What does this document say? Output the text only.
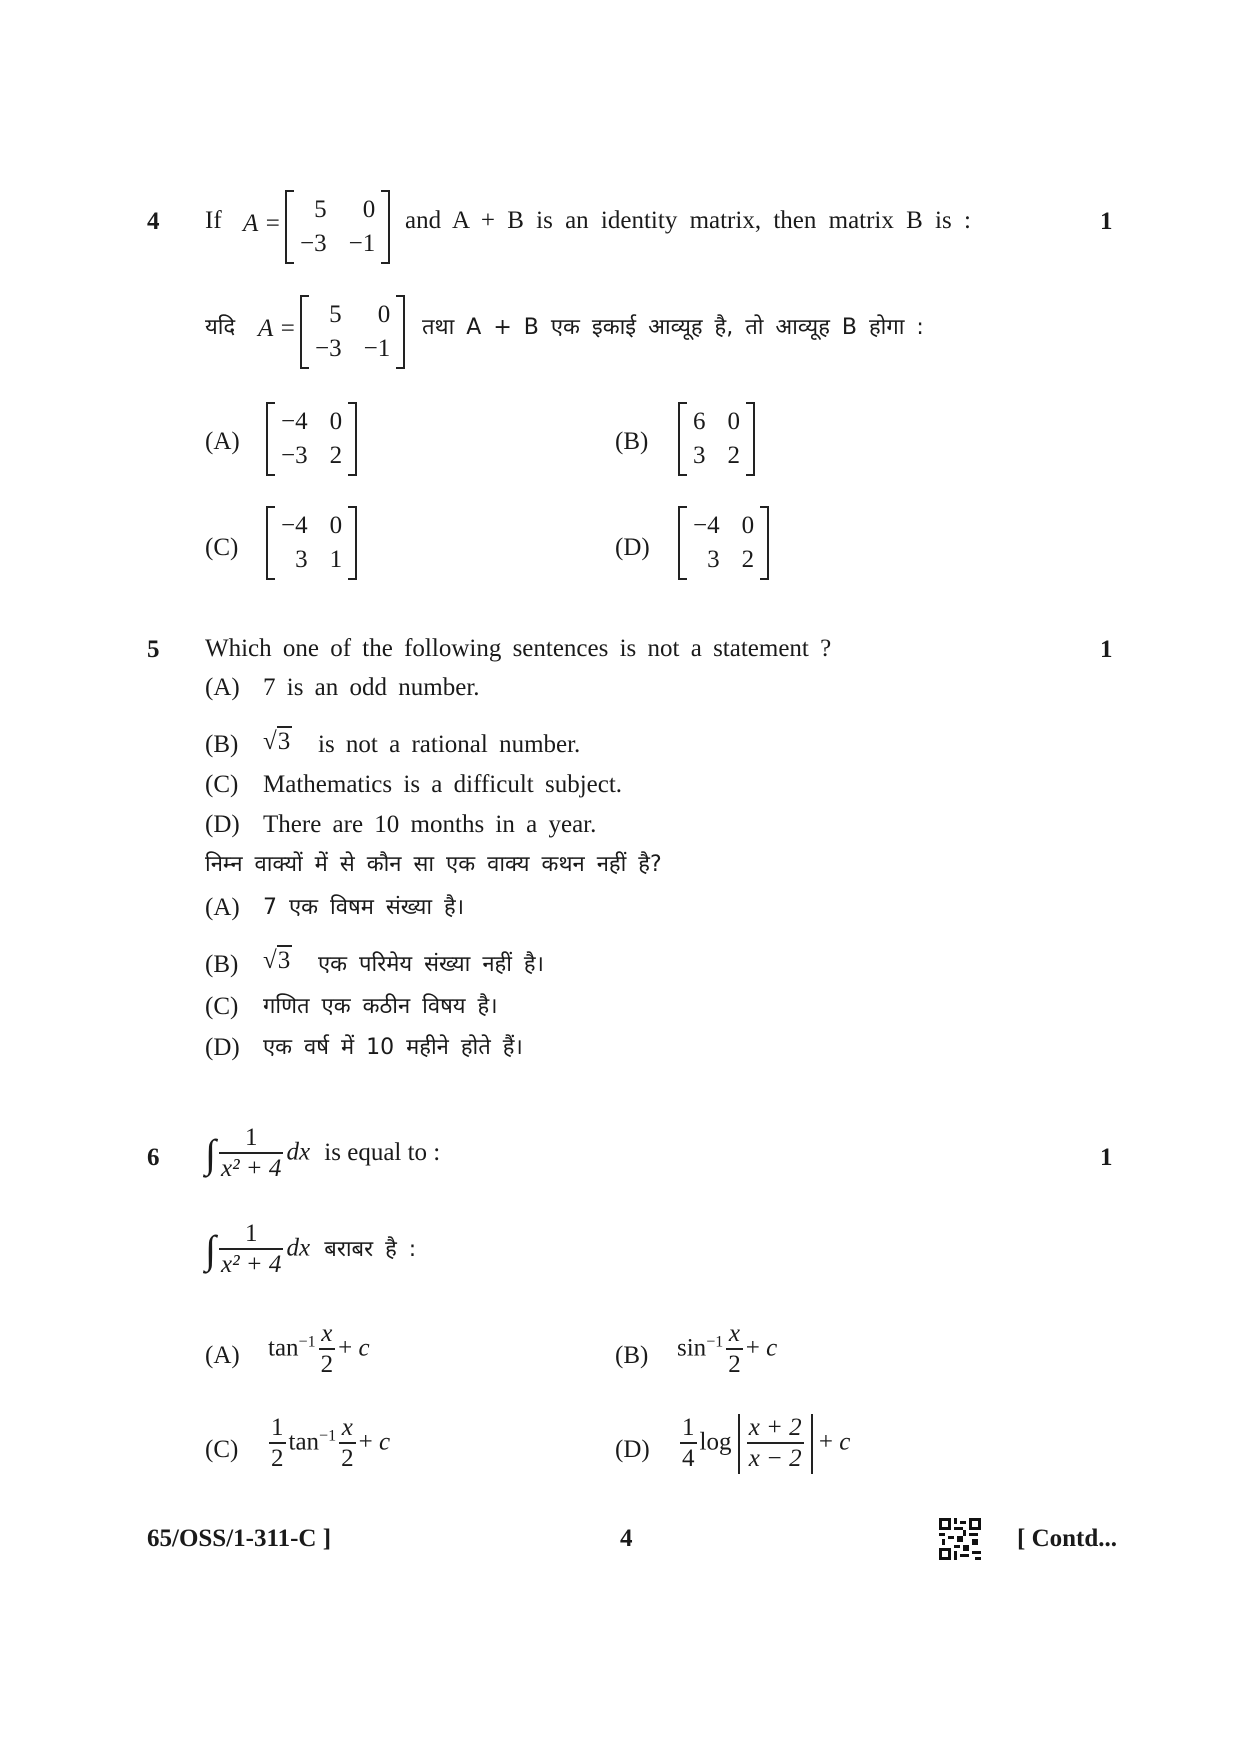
4	1
If A =
5	0
−3 −1
and A + B is an identity matrix, then matrix B is :
यदि A =
5	0
−3 −1
तथा A + B एक इकाई आव्यूह है, तो आव्यूह B होगा :
(A)
−4 0
−3 2
(B)
6 0
3 2
(C)
−4 0
3 1	(D)
−4 0
3 2
5	1
Which one of the following sentences is not a statement ?
(A) 7 is an odd number.
(B) √3 is not a rational number.
(C) Mathematics is a difficult subject.
(D) There are 10 months in a year.
निम्न वाक्यों में से कौन सा एक वाक्य कथन नहीं है?
(A) 7 एक विषम संख्या है।
(B) √3 एक परिमेय संख्या नहीं है।
(C) गणित एक कठीन विषय है।
(D) एक वर्ष में 10 महीने होते हैं।
6	1
∫ $\frac{1}{\text{x² + 4}}$ dx is equal to :
∫ $\frac{1}{\text{x² + 4}}$ dx बराबर है :
(A) $\tan^{-1} \frac{x}{2} + c$	(B) $\sin^{-1} \frac{x}{2} + c$
$(C) \frac{1}{2} \tan^{-1} \frac{x}{2} + c$	$(D) \frac{1}{4}$ $\log \frac{x + 2}{x - 2} + c$
65/OSS/1-311-C ]	4	[ Contd...
